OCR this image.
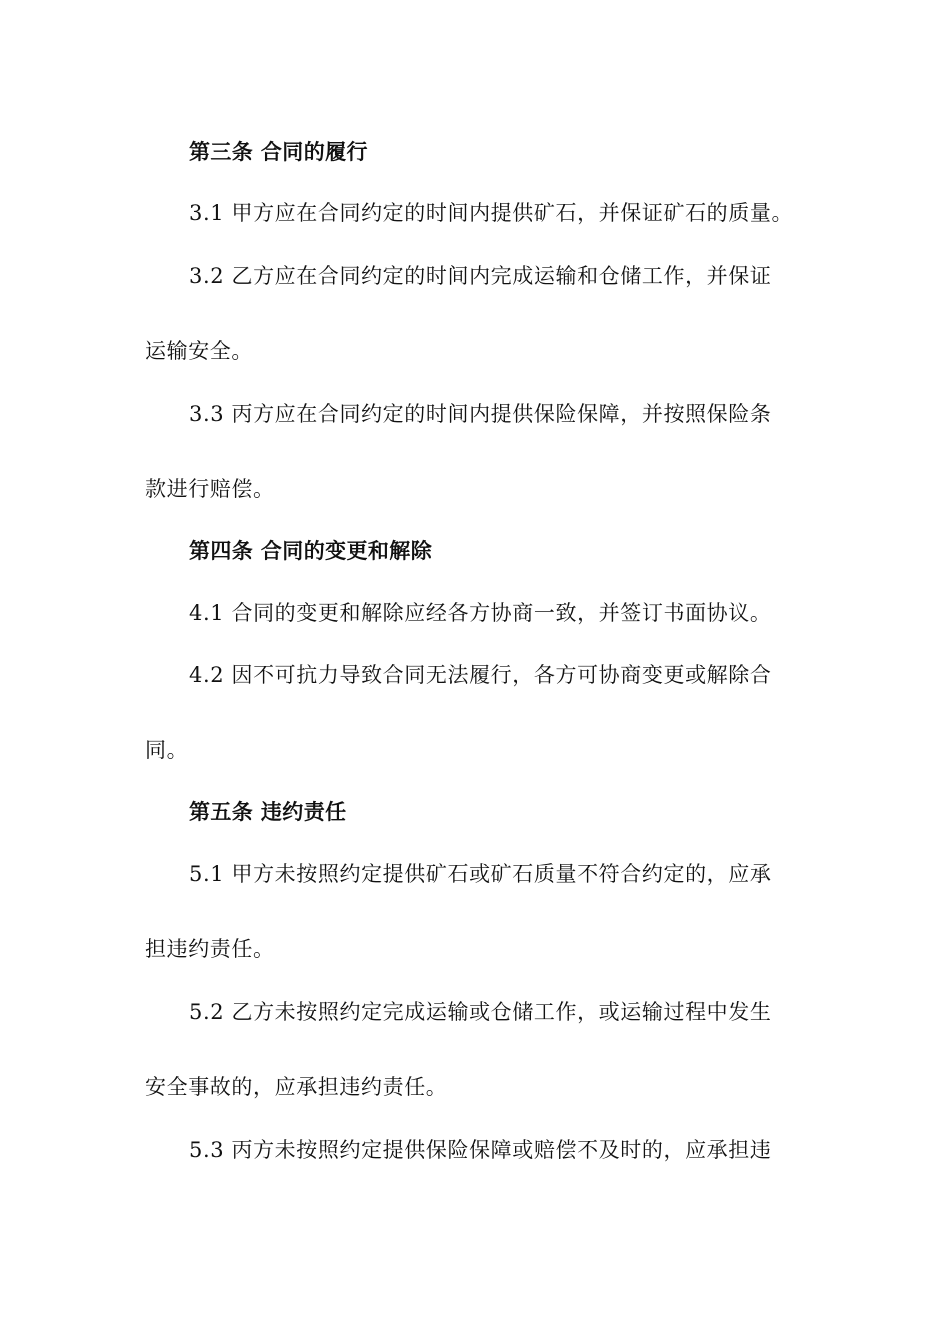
第三条 合同的履行
3.1 甲方应在合同约定的时间内提供矿石，并保证矿石的质量。
3.2 乙方应在合同约定的时间内完成运输和仓储工作，并保证
运输安全。
3.3 丙方应在合同约定的时间内提供保险保障，并按照保险条
款进行赔偿。
第四条 合同的变更和解除
4.1 合同的变更和解除应经各方协商一致，并签订书面协议。
4.2 因不可抗力导致合同无法履行，各方可协商变更或解除合
同。
第五条 违约责任
5.1 甲方未按照约定提供矿石或矿石质量不符合约定的，应承
担违约责任。
5.2 乙方未按照约定完成运输或仓储工作，或运输过程中发生
安全事故的，应承担违约责任。
5.3 丙方未按照约定提供保险保障或赔偿不及时的，应承担违
